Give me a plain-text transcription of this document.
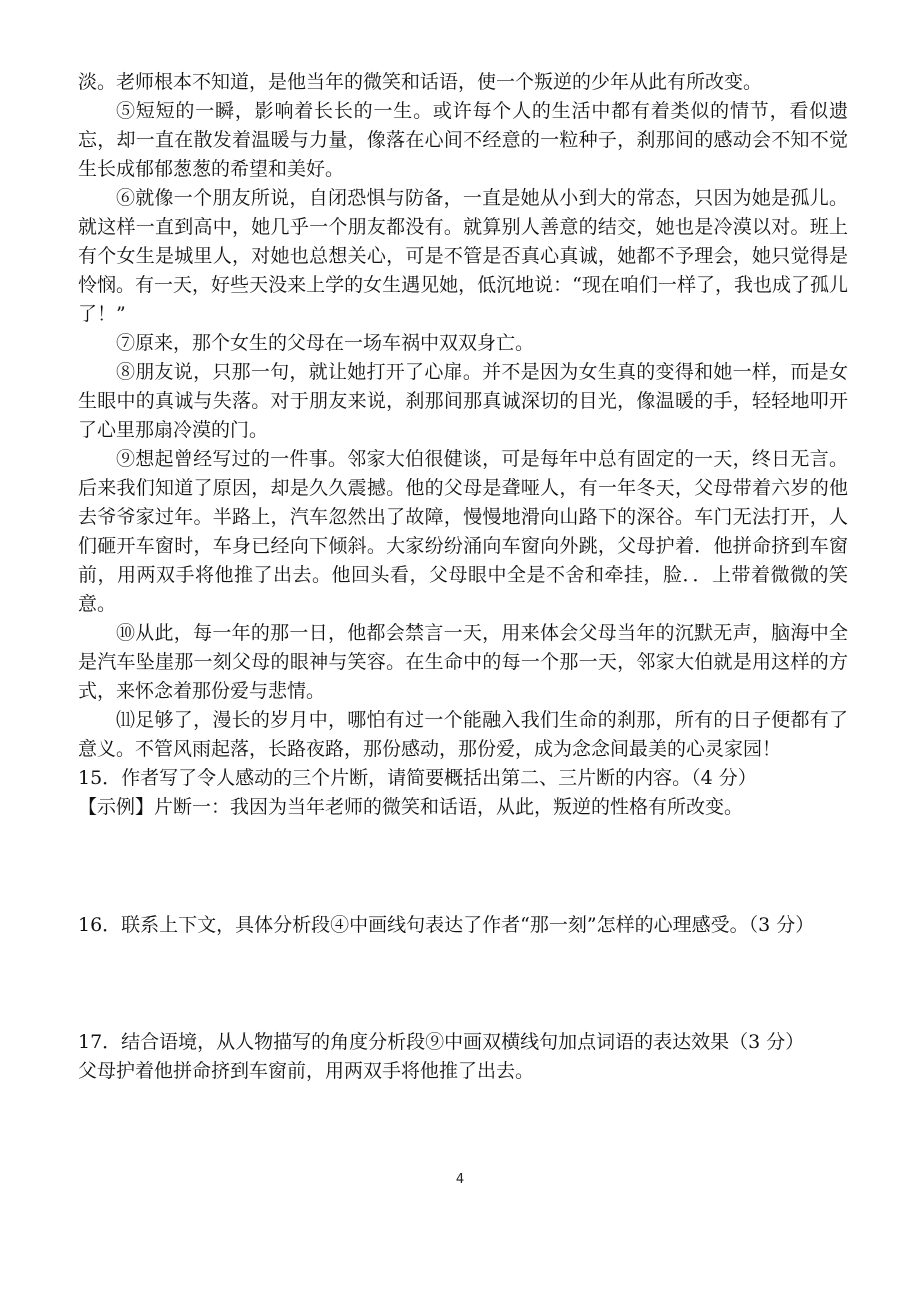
淡。老师根本不知道，是他当年的微笑和话语，使一个叛逆的少年从此有所改变。

⑤短短的一瞬，影响着长长的一生。或许每个人的生活中都有着类似的情节，看似遗忘，却一直在散发着温暖与力量，像落在心间不经意的一粒种子，刹那间的感动会不知不觉生长成郁郁葱葱的希望和美好。

⑥就像一个朋友所说，自闭恐惧与防备，一直是她从小到大的常态，只因为她是孤儿。就这样一直到高中，她几乎一个朋友都没有。就算别人善意的结交，她也是冷漠以对。班上有个女生是城里人，对她也总想关心，可是不管是否真心真诚，她都不予理会，她只觉得是怜悯。有一天，好些天没来上学的女生遇见她，低沉地说：“现在咱们一样了，我也成了孤儿了！”

⑦原来，那个女生的父母在一场车祸中双双身亡。

⑧朋友说，只那一句，就让她打开了心扉。并不是因为女生真的变得和她一样，而是女生眼中的真诚与失落。对于朋友来说，刹那间那真诚深切的目光，像温暖的手，轻轻地叩开了心里那扇冷漠的门。

⑨想起曾经写过的一件事。邻家大伯很健谈，可是每年中总有固定的一天，终日无言。后来我们知道了原因，却是久久震撼。他的父母是聋哑人，有一年冬天，父母带着六岁的他去爷爷家过年。半路上，汽车忽然出了故障，慢慢地滑向山路下的深谷。车门无法打开，人们砸开车窗时，车身已经向下倾斜。大家纷纷涌向车窗向外跳，父母护着．他拼命挤到车窗前，用两双手将他推了出去。他回头看，父母眼中全是不舍和牵挂，脸．．上带着微微的笑意。

⑩从此，每一年的那一日，他都会禁言一天，用来体会父母当年的沉默无声，脑海中全是汽车坠崖那一刻父母的眼神与笑容。在生命中的每一个那一天，邻家大伯就是用这样的方式，来怀念着那份爱与悲情。

⑾足够了，漫长的岁月中，哪怕有过一个能融入我们生命的刹那，所有的日子便都有了意义。不管风雨起落，长路夜路，那份感动，那份爱，成为念念间最美的心灵家园！

15．作者写了令人感动的三个片断，请简要概括出第二、三片断的内容。（4 分）

【示例】片断一：我因为当年老师的微笑和话语，从此，叛逆的性格有所改变。

16．联系上下文，具体分析段④中画线句表达了作者“那一刻”怎样的心理感受。（3 分）

17．结合语境，从人物描写的角度分析段⑨中画双横线句加点词语的表达效果（3 分）

父母护着他拼命挤到车窗前，用两双手将他推了出去。

4
